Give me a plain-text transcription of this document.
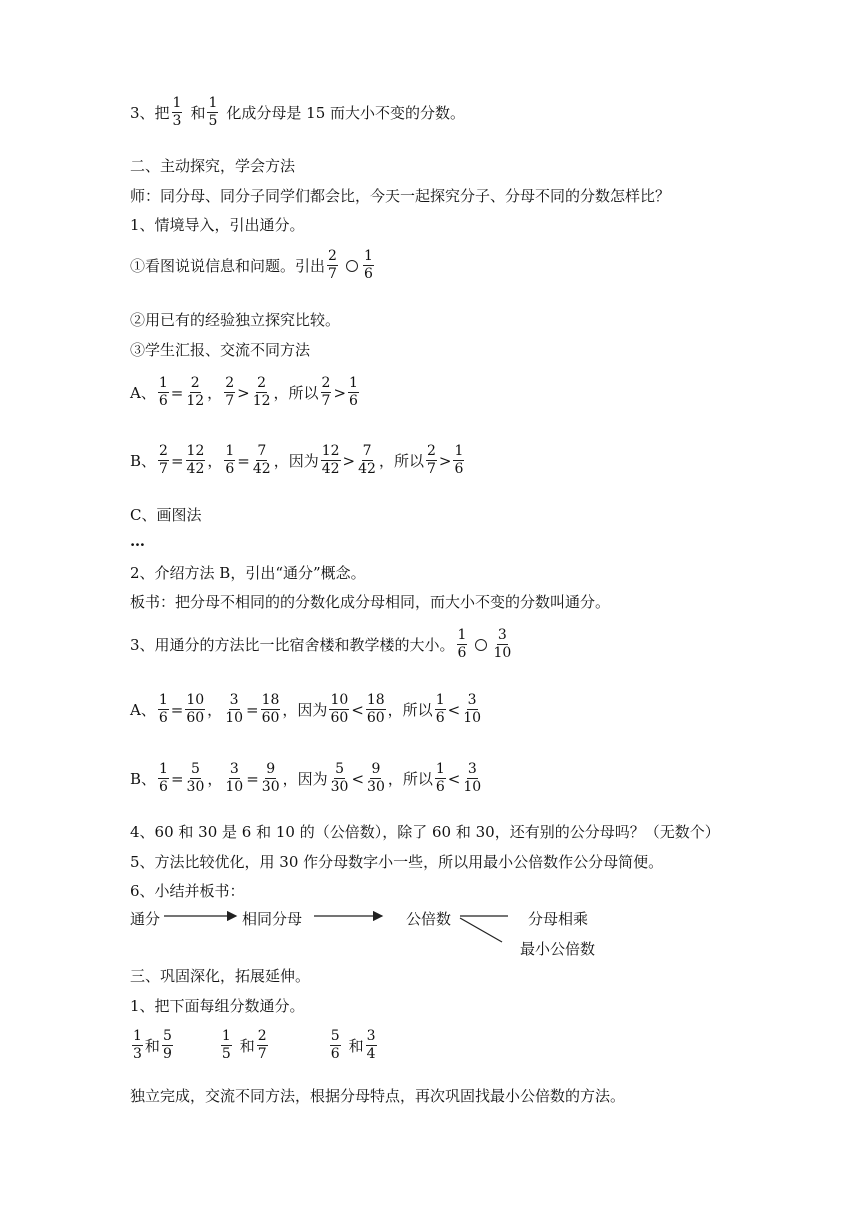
3、把 $\frac{1}{3}$ 和 $\frac{1}{5}$ 化成分母是 15 而大小不变的分数。
二、主动探究，学会方法
师：同分母、同分子同学们都会比，今天一起探究分子、分母不同的分数怎样比？
1、情境导入，引出通分。
①看图说说信息和问题。引出 $\frac{2}{7} \frac{1}{6}$
②用已有的经验独立探究比较。
③学生汇报、交流不同方法
A、 $\frac{1}{6} = \frac{2}{12}$ ， $\frac{2}{7} > \frac{2}{12}$ ，所以 $\frac{2}{7} > \frac{1}{6}$
B、 $\frac{2}{7} = \frac{12}{42}$ ， $\frac{1}{6} = \frac{7}{42}$ ，因为 $\frac{12}{42} > \frac{7}{42}$ ，所以 $\frac{2}{7} > \frac{1}{6}$
C、画图法
…
2、介绍方法 B，引出“通分”概念。
板书：把分母不相同的的分数化成分母相同，而大小不变的分数叫通分。
3、用通分的方法比一比宿舍楼和教学楼的大小。 $\frac{1}{6} \frac{3}{10}$
A、 $\frac{1}{6} = \frac{10}{60}$ ， $\frac{3}{10} = \frac{18}{60}$ ，因为 $\frac{10}{60} < \frac{18}{60}$ ，所以 $\frac{1}{6} < \frac{3}{10}$
B、 $\frac{1}{6} = \frac{5}{30}$ ， $\frac{3}{10} = \frac{9}{30}$ ，因为 $\frac{5}{30} < \frac{9}{30}$ ，所以 $\frac{1}{6} < \frac{3}{10}$
4、60 和 30 是 6 和 10 的（公倍数），除了 60 和 30，还有别的公分母吗？（无数个）
5、方法比较优化，用 30 作分母数字小一些，所以用最小公倍数作公分母简便。
6、小结并板书：
通分	相同分母	公倍数	分母相乘
最小公倍数
三、巩固深化，拓展延伸。
1、把下面每组分数通分。
$\frac{1}{3}$ 和 $\frac{5}{9}$	$\frac{1}{5}$ 和 $\frac{2}{7}$	$\frac{5}{6}$ 和 $\frac{3}{4}$
独立完成，交流不同方法，根据分母特点，再次巩固找最小公倍数的方法。
